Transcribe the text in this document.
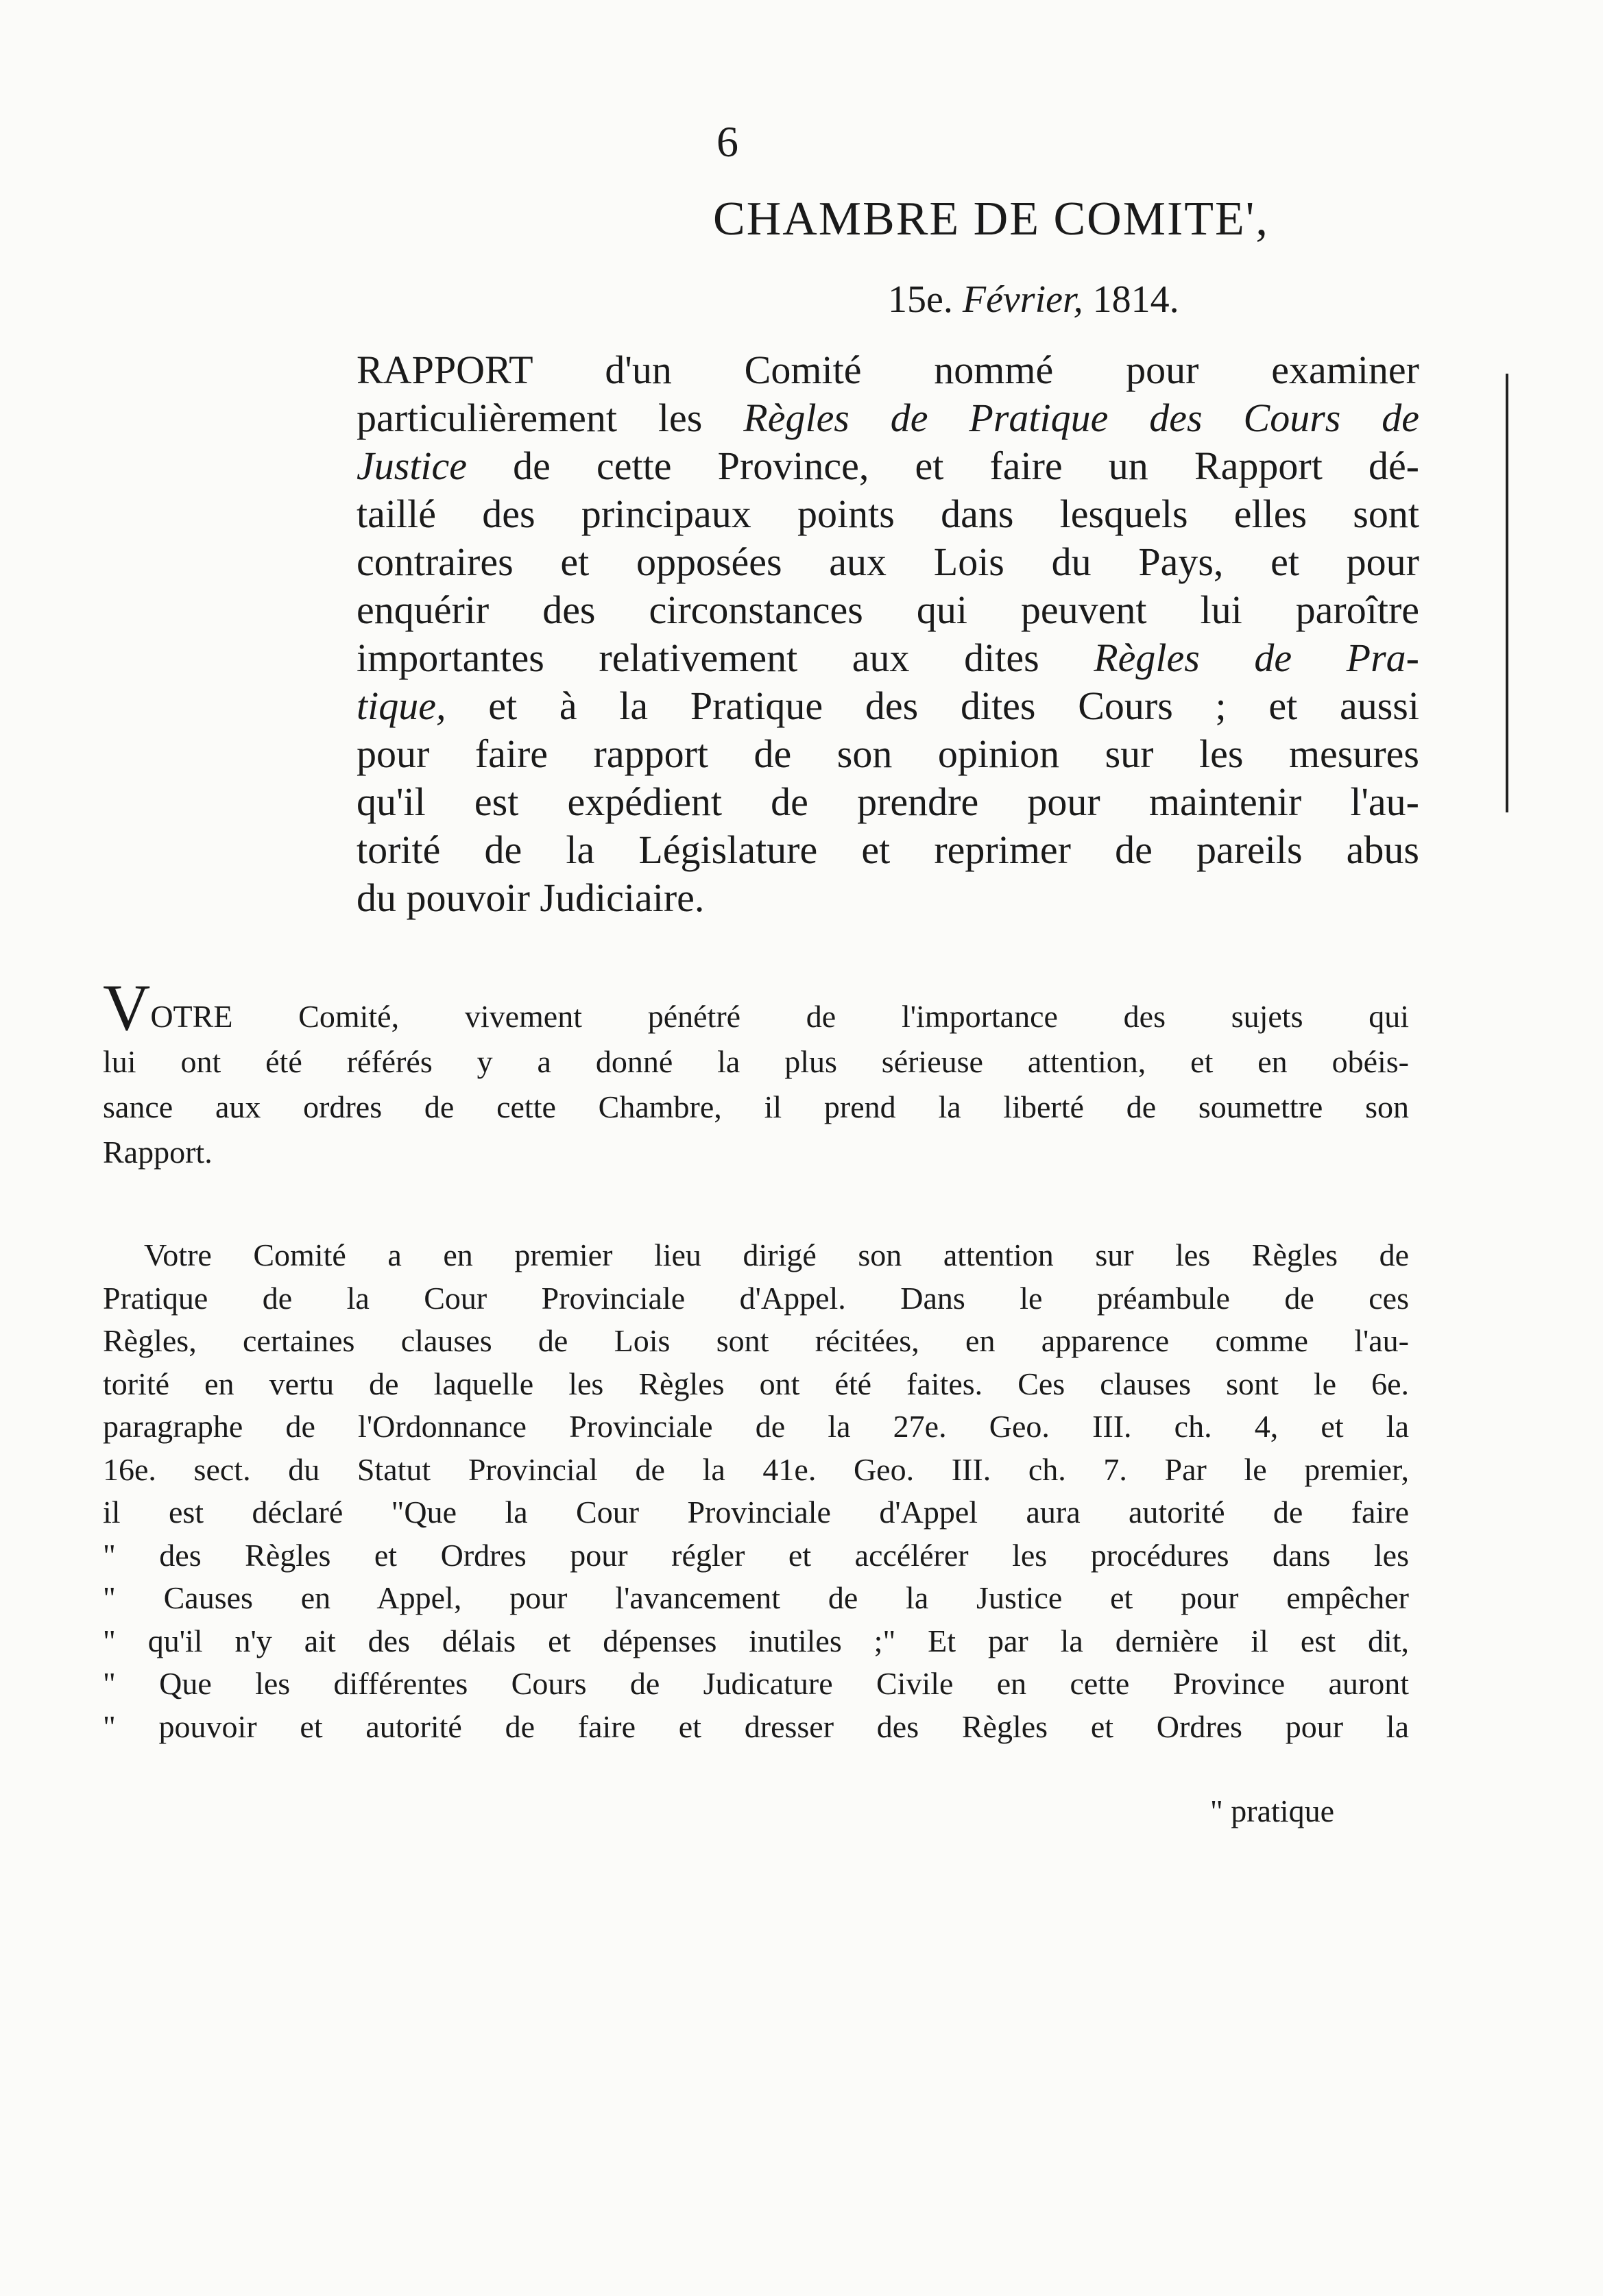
6
CHAMBRE DE COMITE',
15e. Février, 1814.
RAPPORT d'un Comité nommé pour examiner
particulièrement les Règles de Pratique des Cours de
Justice de cette Province, et faire un Rapport dé-
taillé des principaux points dans lesquels elles sont
contraires et opposées aux Lois du Pays, et pour
enquérir des circonstances qui peuvent lui paroître
importantes relativement aux dites Règles de Pra-
tique, et à la Pratique des dites Cours ; et aussi
pour faire rapport de son opinion sur les mesures
qu'il est expédient de prendre pour maintenir l'au-
torité de la Législature et reprimer de pareils abus
du pouvoir Judiciaire.
VOTRE Comité, vivement pénétré de l'importance des sujets qui
lui ont été référés y a donné la plus sérieuse attention, et en obéis-
sance aux ordres de cette Chambre, il prend la liberté de soumettre son
Rapport.
Votre Comité a en premier lieu dirigé son attention sur les Règles de
Pratique de la Cour Provinciale d'Appel. Dans le préambule de ces
Règles, certaines clauses de Lois sont récitées, en apparence comme l'au-
torité en vertu de laquelle les Règles ont été faites. Ces clauses sont le 6e.
paragraphe de l'Ordonnance Provinciale de la 27e. Geo. III. ch. 4, et la
16e. sect. du Statut Provincial de la 41e. Geo. III. ch. 7. Par le premier,
il est déclaré "Que la Cour Provinciale d'Appel aura autorité de faire
" des Règles et Ordres pour régler et accélérer les procédures dans les
" Causes en Appel, pour l'avancement de la Justice et pour empêcher
" qu'il n'y ait des délais et dépenses inutiles ;" Et par la dernière il est dit,
" Que les différentes Cours de Judicature Civile en cette Province auront
" pouvoir et autorité de faire et dresser des Règles et Ordres pour la
" pratique
